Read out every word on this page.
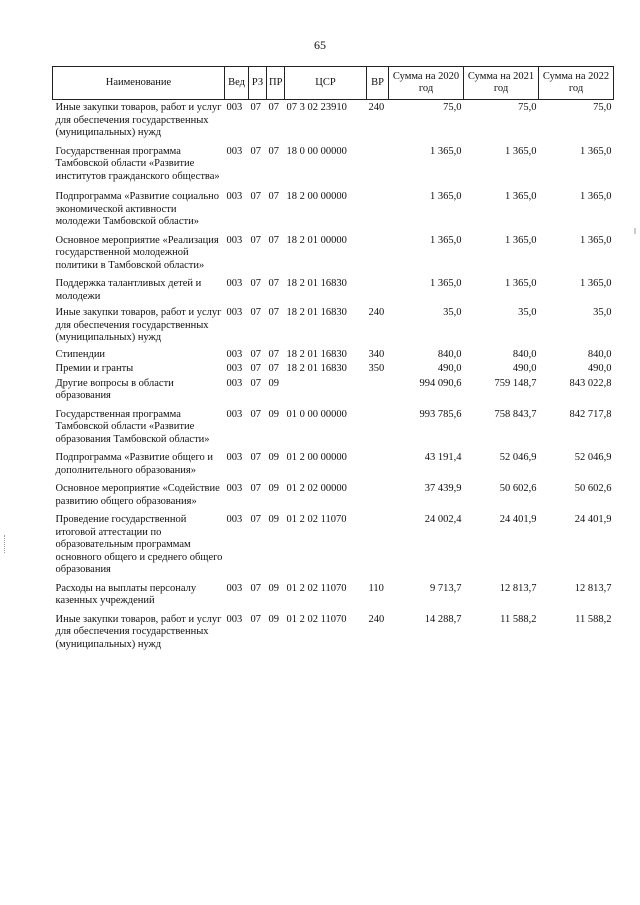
65
Наименование	Вед	РЗ	ПР	ЦСР	ВР	Сумма на 2020 год	Сумма на 2021 год	Сумма на 2022 год
Иные закупки товаров, работ и услуг для обеспечения государственных (муниципальных) нужд	003	07	07	07 3 02 23910	240	75,0	75,0	75,0
Государственная программа Тамбовской области «Развитие институтов гражданского общества»	003	07	07	18 0 00 00000		1 365,0	1 365,0	1 365,0
Подпрограмма «Развитие социально экономической активности молодежи Тамбовской области»	003	07	07	18 2 00 00000		1 365,0	1 365,0	1 365,0
Основное мероприятие «Реализация государственной молодежной политики в Тамбовской области»	003	07	07	18 2 01 00000		1 365,0	1 365,0	1 365,0
Поддержка талантливых детей и молодежи	003	07	07	18 2 01 16830		1 365,0	1 365,0	1 365,0
Иные закупки товаров, работ и услуг для обеспечения государственных (муниципальных) нужд	003	07	07	18 2 01 16830	240	35,0	35,0	35,0
Стипендии	003	07	07	18 2 01 16830	340	840,0	840,0	840,0
Премии и гранты	003	07	07	18 2 01 16830	350	490,0	490,0	490,0
Другие вопросы в области образования	003	07	09			994 090,6	759 148,7	843 022,8
Государственная программа Тамбовской области «Развитие образования Тамбовской области»	003	07	09	01 0 00 00000		993 785,6	758 843,7	842 717,8
Подпрограмма «Развитие общего и дополнительного образования»	003	07	09	01 2 00 00000		43 191,4	52 046,9	52 046,9
Основное мероприятие «Содействие развитию общего образования»	003	07	09	01 2 02 00000		37 439,9	50 602,6	50 602,6
Проведение государственной итоговой аттестации по образовательным программам основного общего и среднего общего образования	003	07	09	01 2 02 11070		24 002,4	24 401,9	24 401,9
Расходы на выплаты персоналу казенных учреждений	003	07	09	01 2 02 11070	110	9 713,7	12 813,7	12 813,7
Иные закупки товаров, работ и услуг для обеспечения государственных (муниципальных) нужд	003	07	09	01 2 02 11070	240	14 288,7	11 588,2	11 588,2
